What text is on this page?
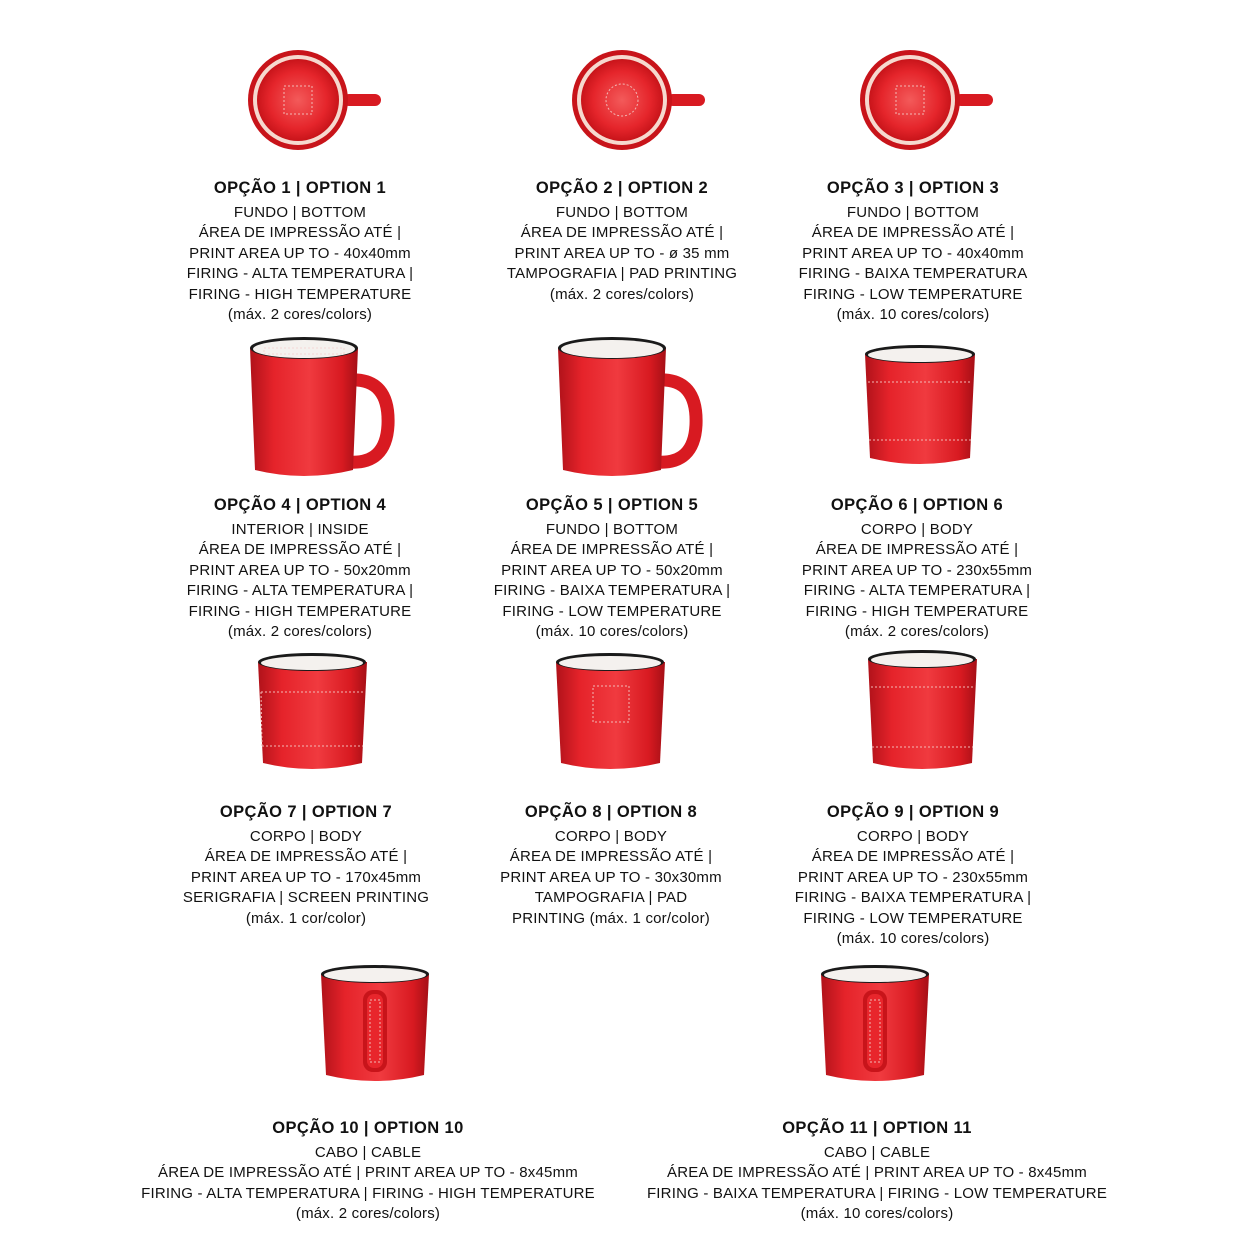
OPÇÃO 1 | OPTION 1
FUNDO | BOTTOM
ÁREA DE IMPRESSÃO ATÉ |
PRINT AREA UP TO - 40x40mm
FIRING - ALTA TEMPERATURA |
FIRING - HIGH TEMPERATURE
(máx. 2 cores/colors)
OPÇÃO 2 | OPTION 2
FUNDO | BOTTOM
ÁREA DE IMPRESSÃO ATÉ |
PRINT AREA UP TO - ø 35 mm
TAMPOGRAFIA | PAD PRINTING
(máx. 2 cores/colors)
OPÇÃO 3 | OPTION 3
FUNDO | BOTTOM
ÁREA DE IMPRESSÃO ATÉ |
PRINT AREA UP TO - 40x40mm
FIRING - BAIXA TEMPERATURA
FIRING - LOW TEMPERATURE
(máx. 10 cores/colors)
OPÇÃO 4 | OPTION 4
INTERIOR | INSIDE
ÁREA DE IMPRESSÃO ATÉ |
PRINT AREA UP TO - 50x20mm
FIRING - ALTA TEMPERATURA |
FIRING - HIGH TEMPERATURE
(máx. 2 cores/colors)
OPÇÃO 5 | OPTION 5
FUNDO | BOTTOM
ÁREA DE IMPRESSÃO ATÉ |
PRINT AREA UP TO - 50x20mm
FIRING - BAIXA TEMPERATURA |
FIRING - LOW TEMPERATURE
(máx. 10 cores/colors)
OPÇÃO 6 | OPTION 6
CORPO | BODY
ÁREA DE IMPRESSÃO ATÉ |
PRINT AREA UP TO - 230x55mm
FIRING - ALTA TEMPERATURA |
FIRING - HIGH TEMPERATURE
(máx. 2 cores/colors)
OPÇÃO 7 | OPTION 7
CORPO | BODY
ÁREA DE IMPRESSÃO ATÉ |
PRINT AREA UP TO - 170x45mm
SERIGRAFIA | SCREEN PRINTING
(máx. 1 cor/color)
OPÇÃO 8 | OPTION 8
CORPO | BODY
ÁREA DE IMPRESSÃO ATÉ |
PRINT AREA UP TO - 30x30mm
TAMPOGRAFIA | PAD
PRINTING (máx. 1 cor/color)
OPÇÃO 9 | OPTION 9
CORPO | BODY
ÁREA DE IMPRESSÃO ATÉ |
PRINT AREA UP TO - 230x55mm
FIRING - BAIXA TEMPERATURA |
FIRING - LOW TEMPERATURE
(máx. 10 cores/colors)
OPÇÃO 10 | OPTION 10
CABO | CABLE
ÁREA DE IMPRESSÃO ATÉ | PRINT AREA UP TO - 8x45mm
FIRING - ALTA TEMPERATURA | FIRING - HIGH TEMPERATURE
(máx. 2 cores/colors)
OPÇÃO 11 | OPTION 11
CABO | CABLE
ÁREA DE IMPRESSÃO ATÉ | PRINT AREA UP TO - 8x45mm
FIRING - BAIXA TEMPERATURA | FIRING - LOW TEMPERATURE
(máx. 10 cores/colors)
